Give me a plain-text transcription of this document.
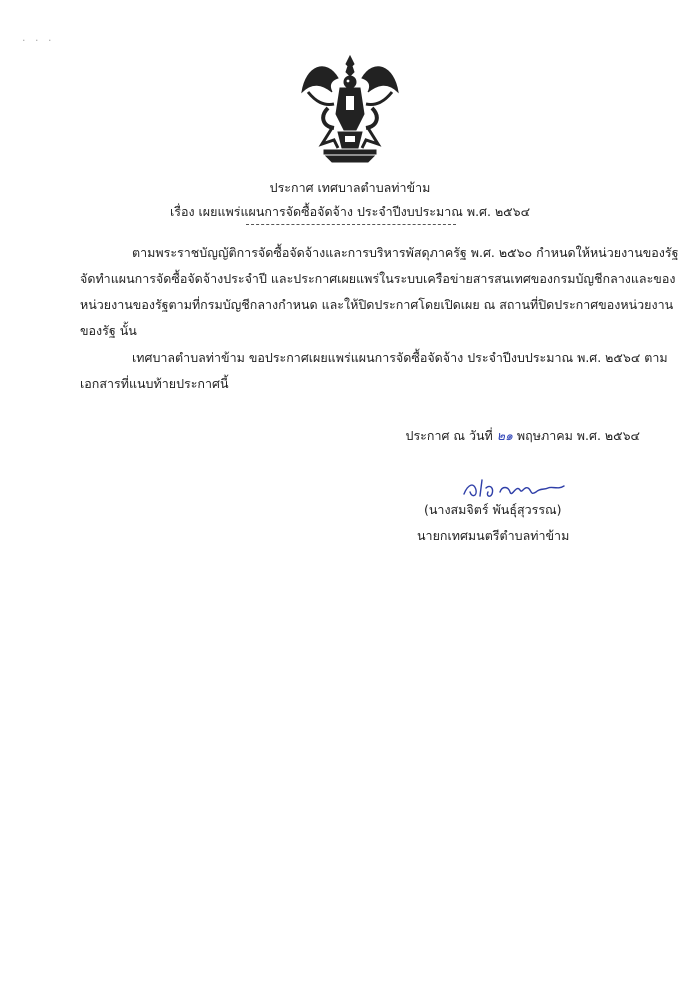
· · ·
ประกาศ เทศบาลตำบลท่าข้าม
เรื่อง เผยแพร่แผนการจัดซื้อจัดจ้าง ประจำปีงบประมาณ พ.ศ. ๒๕๖๔
ตามพระราชบัญญัติการจัดซื้อจัดจ้างและการบริหารพัสดุภาครัฐ พ.ศ. ๒๕๖๐ กำหนดให้หน่วยงานของรัฐ
จัดทำแผนการจัดซื้อจัดจ้างประจำปี และประกาศเผยแพร่ในระบบเครือข่ายสารสนเทศของกรมบัญชีกลางและของ
หน่วยงานของรัฐตามที่กรมบัญชีกลางกำหนด และให้ปิดประกาศโดยเปิดเผย ณ สถานที่ปิดประกาศของหน่วยงาน
ของรัฐ นั้น
เทศบาลตำบลท่าข้าม ขอประกาศเผยแพร่แผนการจัดซื้อจัดจ้าง ประจำปีงบประมาณ พ.ศ. ๒๕๖๔ ตาม
เอกสารที่แนบท้ายประกาศนี้
ประกาศ ณ วันที่ ๒๑ พฤษภาคม พ.ศ. ๒๕๖๔
(นางสมจิตร์ พันธุ์สุวรรณ)
นายกเทศมนตรีตำบลท่าข้าม
